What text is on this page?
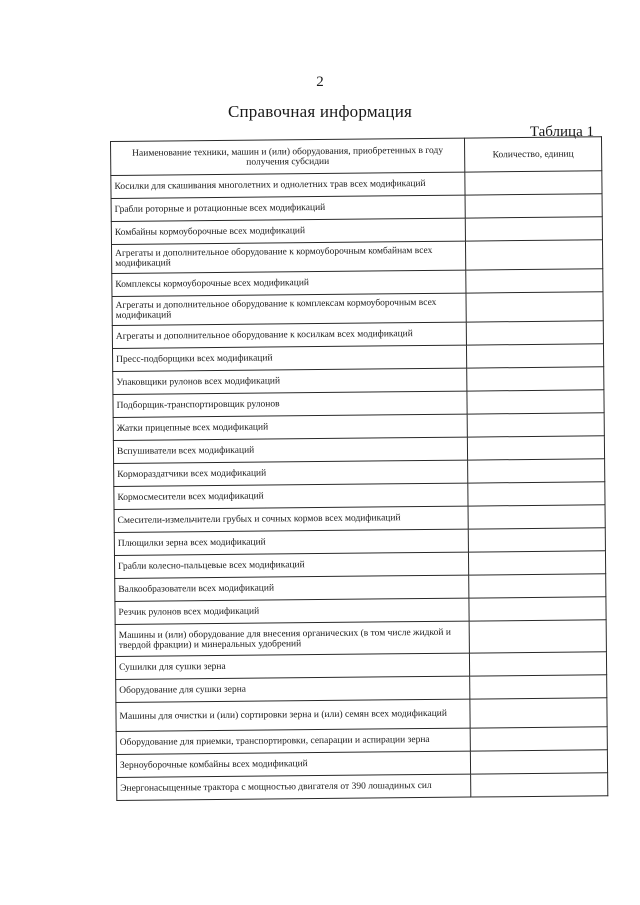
2
Справочная информация
Таблица 1
Наименование техники, машин и (или) оборудования, приобретенных в году получения субсидии	Количество, единиц
Косилки для скашивания многолетних и однолетних трав всех модификаций	
Грабли роторные и ротационные всех модификаций	
Комбайны кормоуборочные всех модификаций	
Агрегаты и дополнительное оборудование к кормоуборочным комбайнам всех модификаций	
Комплексы кормоуборочные всех модификаций	
Агрегаты и дополнительное оборудование к комплексам кормоуборочным всех модификаций	
Агрегаты и дополнительное оборудование к косилкам всех модификаций	
Пресс-подборщики всех модификаций	
Упаковщики рулонов всех модификаций	
Подборщик-транспортировщик рулонов	
Жатки прицепные всех модификаций	
Вспушиватели всех модификаций	
Кормораздатчики всех модификаций	
Кормосмесители всех модификаций	
Смесители-измельчители грубых и сочных кормов всех модификаций	
Плющилки зерна всех модификаций	
Грабли колесно-пальцевые всех модификаций	
Валкообразователи всех модификаций	
Резчик рулонов всех модификаций	
Машины и (или) оборудование для внесения органических (в том числе жидкой и твердой фракции) и минеральных удобрений	
Сушилки для сушки зерна	
Оборудование для сушки зерна	
Машины для очистки и (или) сортировки зерна и (или) семян всех модификаций	
Оборудование для приемки, транспортировки, сепарации и аспирации зерна	
Зерноуборочные комбайны всех модификаций	
Энергонасыщенные трактора с мощностью двигателя от 390 лошадиных сил	
